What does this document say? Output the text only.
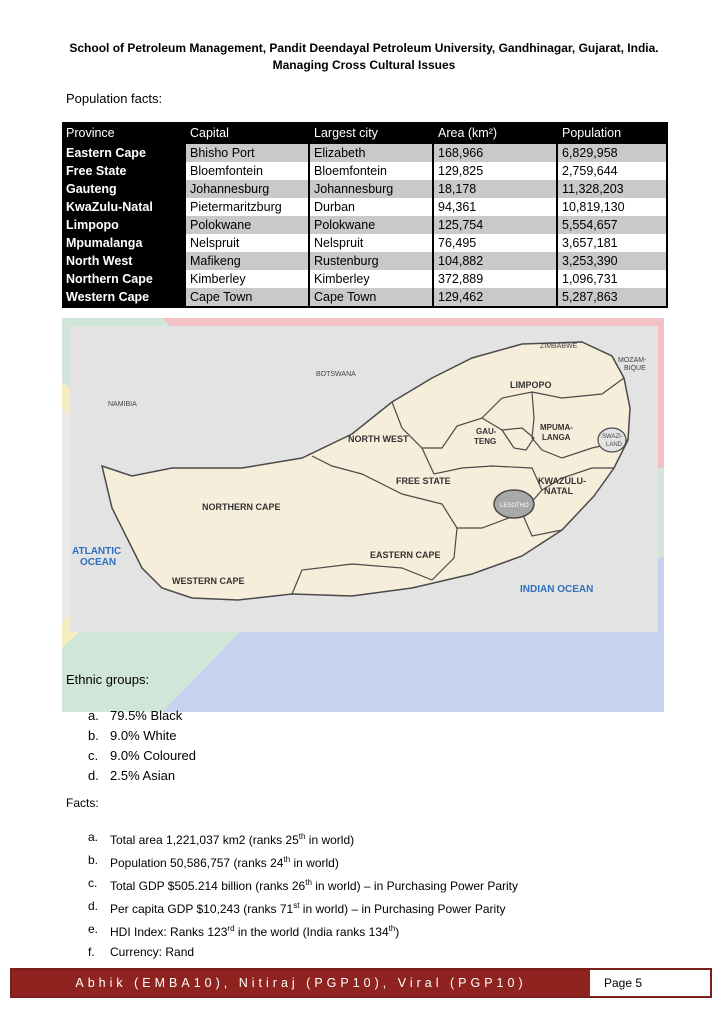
School of Petroleum Management, Pandit Deendayal Petroleum University, Gandhinagar, Gujarat, India.
Managing Cross Cultural Issues
Population facts:
Province	Capital	Largest city	Area (km²)	Population
Eastern Cape	Bhisho Port	Elizabeth	168,966	6,829,958
Free State	Bloemfontein	Bloemfontein	129,825	2,759,644
Gauteng	Johannesburg	Johannesburg	18,178	11,328,203
KwaZulu-Natal	Pietermaritzburg	Durban	94,361	10,819,130
Limpopo	Polokwane	Polokwane	125,754	5,554,657
Mpumalanga	Nelspruit	Nelspruit	76,495	3,657,181
North West	Mafikeng	Rustenburg	104,882	3,253,390
Northern Cape	Kimberley	Kimberley	372,889	1,096,731
Western Cape	Cape Town	Cape Town	129,462	5,287,863
BOTSWANA
NAMIBIA
ZIMBABWE
MOZAM-
BIQUE
SWAZI-
LAND
LESOTHO
LIMPOPO
NORTH WEST
GAU-
TENG
MPUMA-
LANGA
FREE STATE	KWAZULU-
NATAL
NORTHERN CAPE
EASTERN CAPE
WESTERN CAPE
ATLANTIC
OCEAN
INDIAN OCEAN
Ethnic groups:
a. 79.5% Black
b. 9.0% White
c. 9.0% Coloured
d. 2.5% Asian
Facts:
a. Total area 1,221,037 km2 (ranks 25th in world)
b. Population 50,586,757 (ranks 24th in world)
c. Total GDP $505.214 billion (ranks 26th in world) – in Purchasing Power Parity
d. Per capita GDP $10,243 (ranks 71st in world) – in Purchasing Power Parity
e. HDI Index: Ranks 123rd in the world (India ranks 134th)
f. Currency: Rand
Abhik (EMBA10), Nitiraj (PGP10), Viral (PGP10)	Page 5
